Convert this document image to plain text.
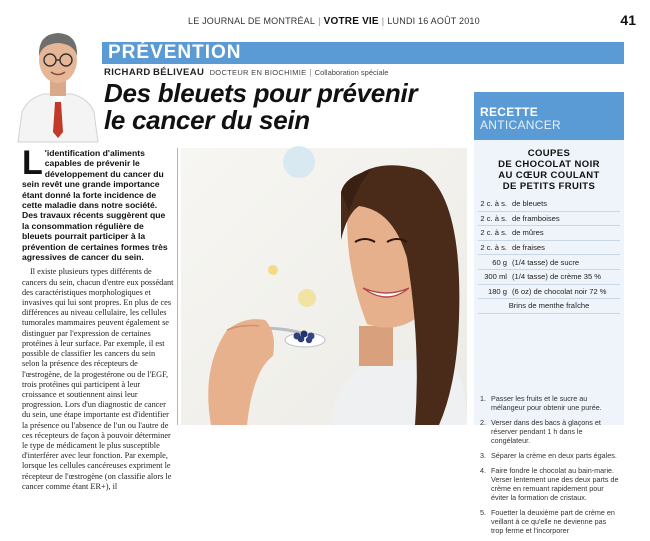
LE JOURNAL DE MONTRÉAL | VOTRE VIE | LUNDI 16 AOÛT 2010	41
PRÉVENTION
RICHARD BÉLIVEAU DOCTEUR EN BIOCHIMIE | Collaboration spéciale
Des bleuets pour prévenir
le cancer du sein
L 'identification d'aliments capables de prévenir le développement du cancer du sein revêt une grande importance étant donné la forte incidence de cette maladie dans notre société. Des travaux récents suggèrent que la consommation régulière de bleuets pourrait participer à la prévention de certaines formes très agressives de cancer du sein.

Il existe plusieurs types différents de cancers du sein, chacun d'entre eux possédant des caractéristiques morphologiques et invasives qui lui sont propres. En plus de ces différences au niveau cellulaire, les cellules tumorales mammaires peuvent également se distinguer par l'expression de certaines protéines à leur surface. Par exemple, il est possible de classifier les cancers du sein selon la présence des récepteurs de l'œstrogène, de la progestérone ou de l'EGF, trois protéines qui participent à leur croissance et soutiennent ainsi leur progression. Lors d'un diagnostic de cancer du sein, une étape importante est d'identifier la présence ou l'absence de l'un ou l'autre de ces récepteurs de façon à pouvoir déterminer le type de médicament le plus susceptible d'interférer avec leur fonction. Par exemple, lorsque les cellules cancéreuses expriment le récepteur de l'œstrogène (on classifie alors le cancer comme étant ER+), il

RECETTE
ANTICANCER
COUPES
DE CHOCOLAT NOIR
AU CŒUR COULANT
DE PETITS FRUITS
2 c. à s. de bleuets
2 c. à s. de framboises
2 c. à s. de mûres
2 c. à s. de fraises
60 g (1/4 tasse) de sucre
300 ml (1/4 tasse) de crème 35 %
180 g (6 oz) de chocolat noir 72 %
Brins de menthe fraîche
1. Passer les fruits et le sucre au mélangeur pour obtenir une purée.
2. Verser dans des bacs à glaçons et réserver pendant 1 h dans le congélateur.
3. Séparer la crème en deux parts égales.
4. Faire fondre le chocolat au bain-marie. Verser lentement une des deux parts de crème en remuant rapidement pour éviter la formation de cristaux.
5. Fouetter la deuxième part de crème en veillant à ce qu'elle ne devienne pas trop ferme et l'incorporer
